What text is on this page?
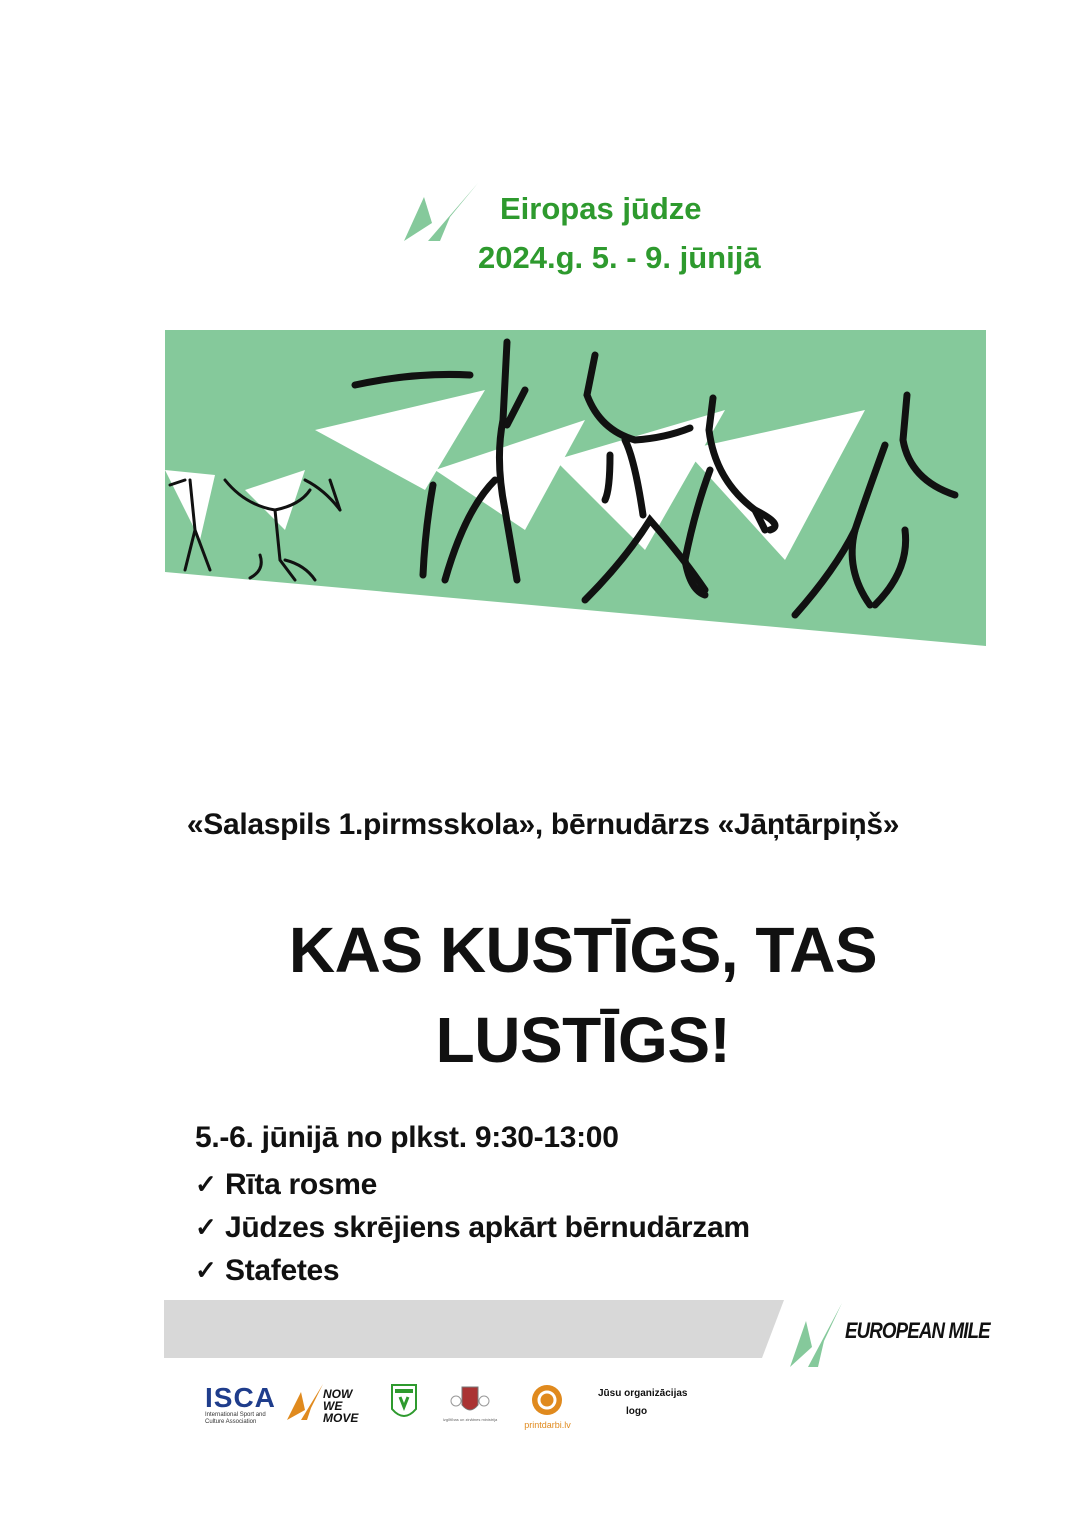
Eiropas jūdze
2024.g. 5. - 9. jūnijā
«Salaspils 1.pirmsskola», bērnudārzs «Jāņtārpiņš»
KAS KUSTĪGS, TAS
LUSTĪGS!
5.-6. jūnijā no plkst. 9:30-13:00
✓ Rīta rosme
✓ Jūdzes skrējiens apkārt bērnudārzam
✓ Stafetes
EUROPEAN MILE
ISCA
International Sport and Culture Association
NOW
WE MOVE	Izglītības un zinātnes ministrija
printdarbi.lv
Jūsu organizācijas
logo
